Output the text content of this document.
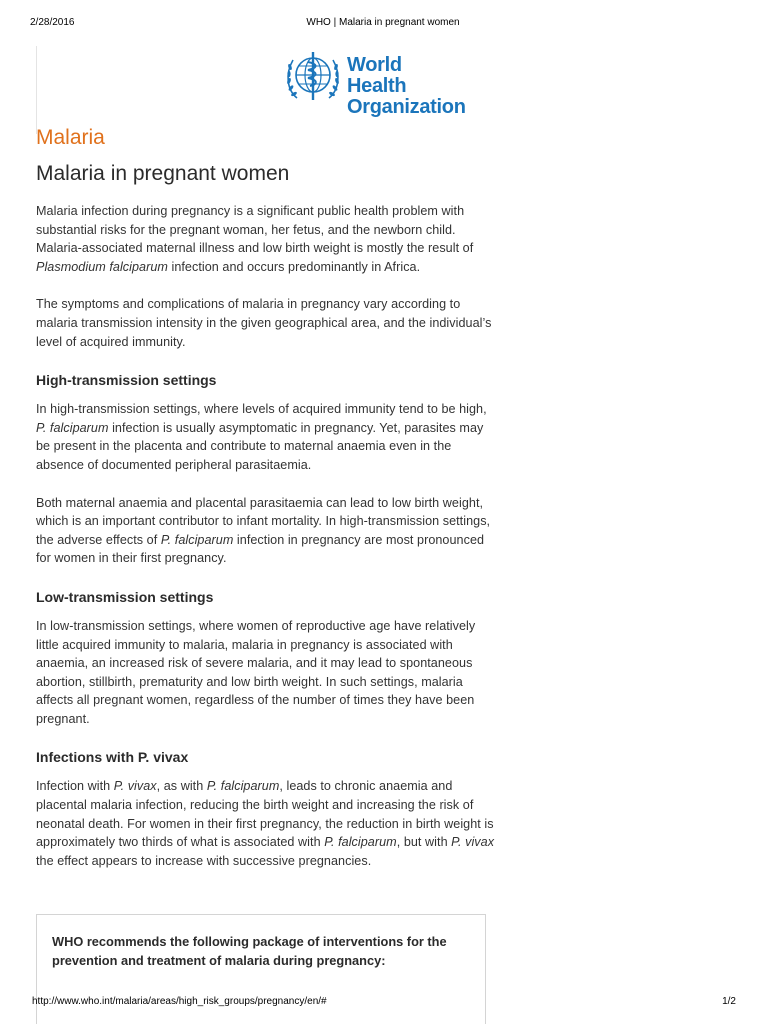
2/28/2016	WHO | Malaria in pregnant women
World Health
Organization
Malaria
Malaria in pregnant women

Malaria infection during pregnancy is a significant public health problem with substantial risks for the pregnant woman, her fetus, and the newborn child. Malaria-associated maternal illness and low birth weight is mostly the result of Plasmodium falciparum infection and occurs predominantly in Africa.

The symptoms and complications of malaria in pregnancy vary according to malaria transmission intensity in the given geographical area, and the individual’s level of acquired immunity.

High-transmission settings

In high-transmission settings, where levels of acquired immunity tend to be high, P. falciparum infection is usually asymptomatic in pregnancy. Yet, parasites may be present in the placenta and contribute to maternal anaemia even in the absence of documented peripheral parasitaemia.

Both maternal anaemia and placental parasitaemia can lead to low birth weight, which is an important contributor to infant mortality. In high-transmission settings, the adverse effects of P. falciparum infection in pregnancy are most pronounced for women in their first pregnancy.

Low-transmission settings

In low-transmission settings, where women of reproductive age have relatively little acquired immunity to malaria, malaria in pregnancy is associated with anaemia, an increased risk of severe malaria, and it may lead to spontaneous abortion, stillbirth, prematurity and low birth weight. In such settings, malaria affects all pregnant women, regardless of the number of times they have been pregnant.

Infections with P. vivax

Infection with P. vivax, as with P. falciparum, leads to chronic anaemia and placental malaria infection, reducing the birth weight and increasing the risk of neonatal death. For women in their first pregnancy, the reduction in birth weight is approximately two thirds of what is associated with P. falciparum, but with P. vivax the effect appears to increase with successive pregnancies.

WHO recommends the following package of interventions for the prevention and treatment of malaria during pregnancy:
http://www.who.int/malaria/areas/high_risk_groups/pregnancy/en/#	1/2
